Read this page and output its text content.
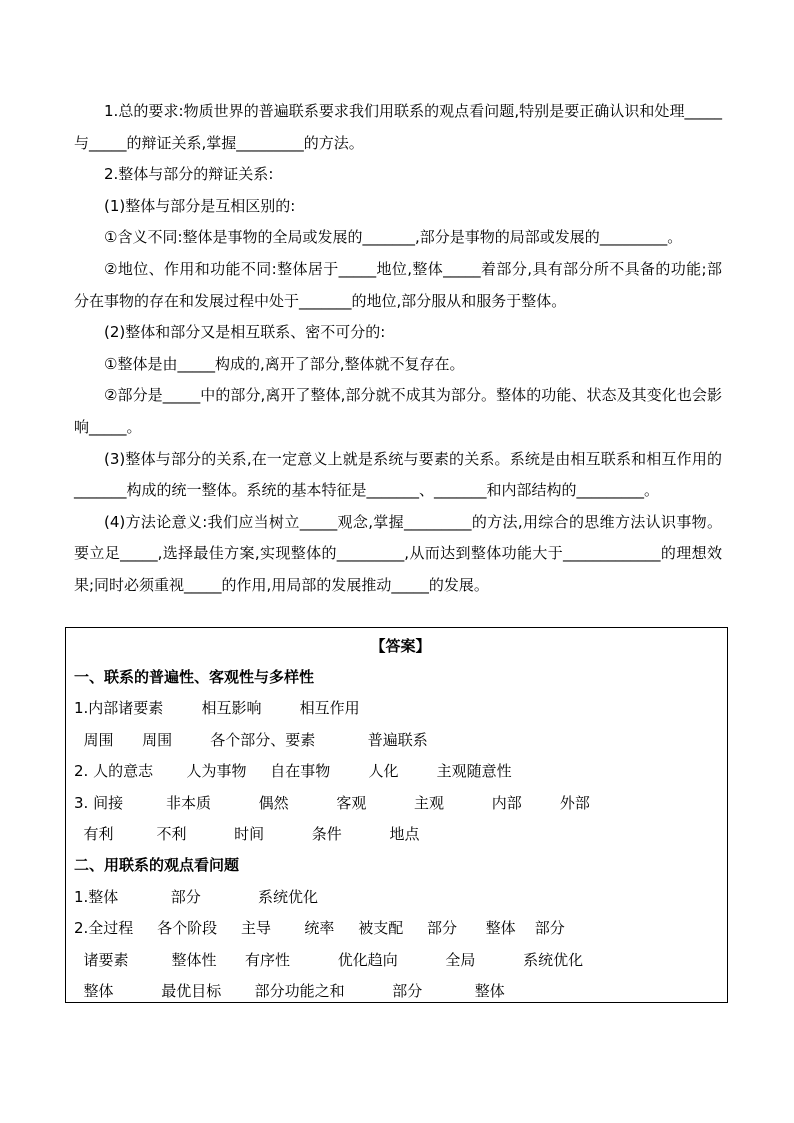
1.总的要求:物质世界的普遍联系要求我们用联系的观点看问题,特别是要正确认识和处理_____与_____的辩证关系,掌握_________的方法。

2.整体与部分的辩证关系:

(1)整体与部分是互相区别的:

①含义不同:整体是事物的全局或发展的_______,部分是事物的局部或发展的_________。

②地位、作用和功能不同:整体居于_____地位,整体_____着部分,具有部分所不具备的功能;部分在事物的存在和发展过程中处于_______的地位,部分服从和服务于整体。

(2)整体和部分又是相互联系、密不可分的:

①整体是由_____构成的,离开了部分,整体就不复存在。

②部分是_____中的部分,离开了整体,部分就不成其为部分。整体的功能、状态及其变化也会影响_____。

(3)整体与部分的关系,在一定意义上就是系统与要素的关系。系统是由相互联系和相互作用的_______构成的统一整体。系统的基本特征是_______、_______和内部结构的_________。

(4)方法论意义:我们应当树立_____观念,掌握_________的方法,用综合的思维方法认识事物。要立足_____,选择最佳方案,实现整体的_________,从而达到整体功能大于_____________的理想效果;同时必须重视_____的作用,用局部的发展推动_____的发展。

【答案】
一、联系的普遍性、客观性与多样性
1.内部诸要素        相互影响        相互作用
周围      周围        各个部分、要素           普遍联系
2. 人的意志       人为事物     自在事物        人化        主观随意性
3. 间接         非本质          偶然          客观          主观          内部        外部
有利         不利          时间          条件          地点
二、用联系的观点看问题
1.整体           部分            系统优化
2.全过程     各个阶段     主导       统率     被支配     部分      整体    部分
诸要素         整体性      有序性          优化趋向          全局          系统优化
整体          最优目标       部分功能之和          部分           整体
